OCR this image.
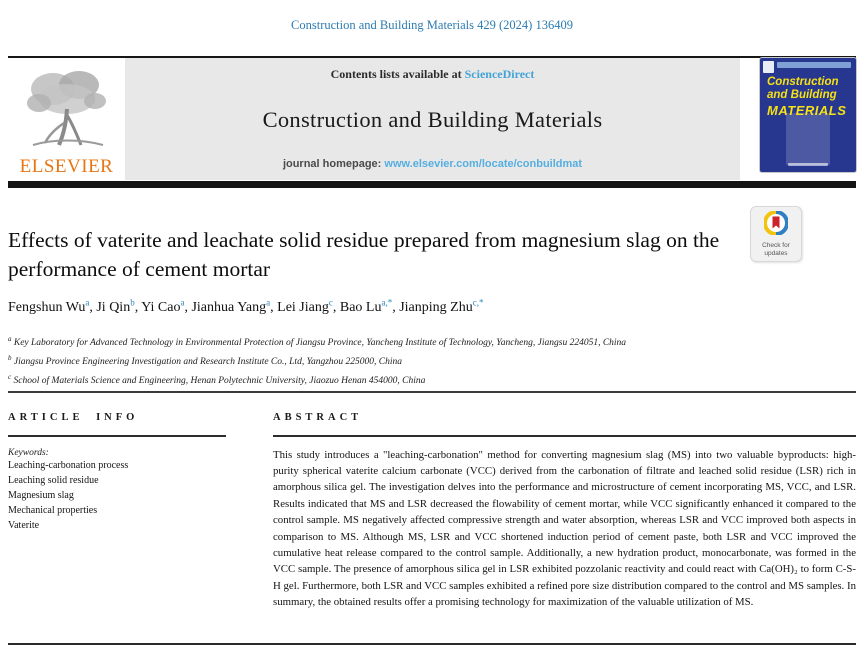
Construction and Building Materials 429 (2024) 136409
ELSEVIER
Contents lists available at ScienceDirect
Construction and Building Materials
journal homepage: www.elsevier.com/locate/conbuildmat
Construction
and Building
MATERIALS
Effects of vaterite and leachate solid residue prepared from magnesium slag on the performance of cement mortar
Check for
updates
Fengshun Wu$^a$, Ji Qin$^b$, Yi Cao$^a$, Jianhua Yang$^a$, Lei Jiang$^c$, Bao $Lu^{a,*}$, Jianping Zhu$^{c,*}$
$^a$ Key Laboratory for Advanced Technology in Environmental Protection of Jiangsu Province, Yancheng Institute of Technology, Yancheng, Jiangsu 224051, China
$^b$ Jiangsu Province Engineering Investigation and Research Institute Co., Ltd, Yangzhou 225000, China
$^c$ School of Materials Science and Engineering, Henan Polytechnic University, Jiaozuo Henan 454000, China
ARTICLE INFO
Keywords:
Leaching-carbonation process
Leaching solid residue
Magnesium slag
Mechanical properties
Vaterite
ABSTRACT
This study introduces a "leaching-carbonation" method for converting magnesium slag (MS) into two valuable byproducts: high-purity spherical vaterite calcium carbonate (VCC) derived from the carbonation of filtrate and leached solid residue (LSR) rich in amorphous silica gel. The investigation delves into the performance and microstructure of cement incorporating MS, VCC, and LSR. Results indicated that MS and LSR decreased the flowability of cement mortar, while VCC significantly enhanced it compared to the control sample. MS negatively affected compressive strength and water absorption, whereas LSR and VCC improved both aspects in comparison to MS. Although MS, LSR and VCC shortened induction period of cement paste, both LSR and VCC improved the cumulative heat release compared to the control sample. Additionally, a new hydration product, monocarbonate, was formed in the VCC sample. The presence of amorphous silica gel in LSR exhibited pozzolanic reactivity and could react with Ca(OH)₂ to form C-S-H gel. Furthermore, both LSR and VCC samples exhibited a refined pore size distribution compared to the control and MS samples. In summary, the obtained results offer a promising technology for maximization of the valuable utilization of MS.
